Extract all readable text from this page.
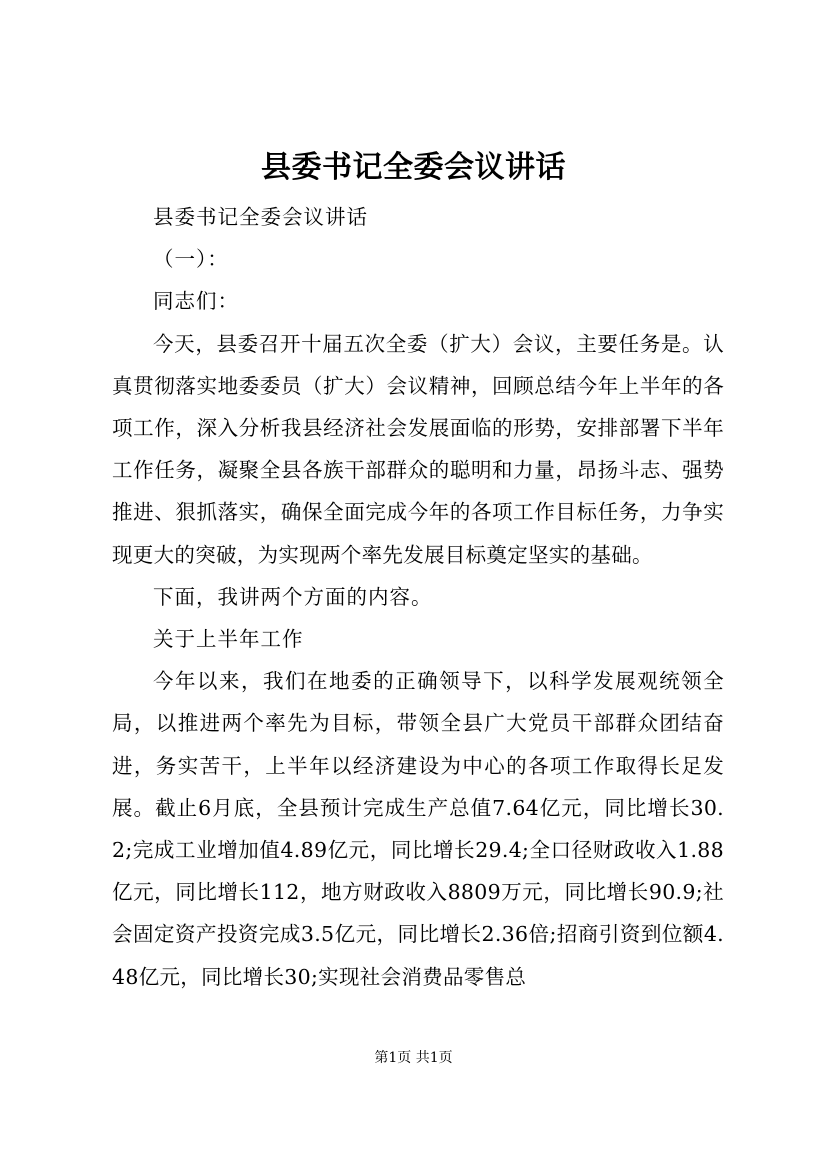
县委书记全委会议讲话

县委书记全委会议讲话

（一）：

同志们：

今天，县委召开十届五次全委（扩大）会议，主要任务是。认真贯彻落实地委委员（扩大）会议精神，回顾总结今年上半年的各项工作，深入分析我县经济社会发展面临的形势，安排部署下半年工作任务，凝聚全县各族干部群众的聪明和力量，昂扬斗志、强势推进、狠抓落实，确保全面完成今年的各项工作目标任务，力争实现更大的突破，为实现两个率先发展目标奠定坚实的基础。

下面，我讲两个方面的内容。

关于上半年工作

今年以来，我们在地委的正确领导下，以科学发展观统领全局，以推进两个率先为目标，带领全县广大党员干部群众团结奋进，务实苦干，上半年以经济建设为中心的各项工作取得长足发展。截止6月底，全县预计完成生产总值7.64亿元，同比增长30.2;完成工业增加值4.89亿元，同比增长29.4;全口径财政收入1.88亿元，同比增长112，地方财政收入8809万元，同比增长90.9;社会固定资产投资完成3.5亿元，同比增长2.36倍;招商引资到位额4.48亿元，同比增长30;实现社会消费品零售总

第1页 共1页
